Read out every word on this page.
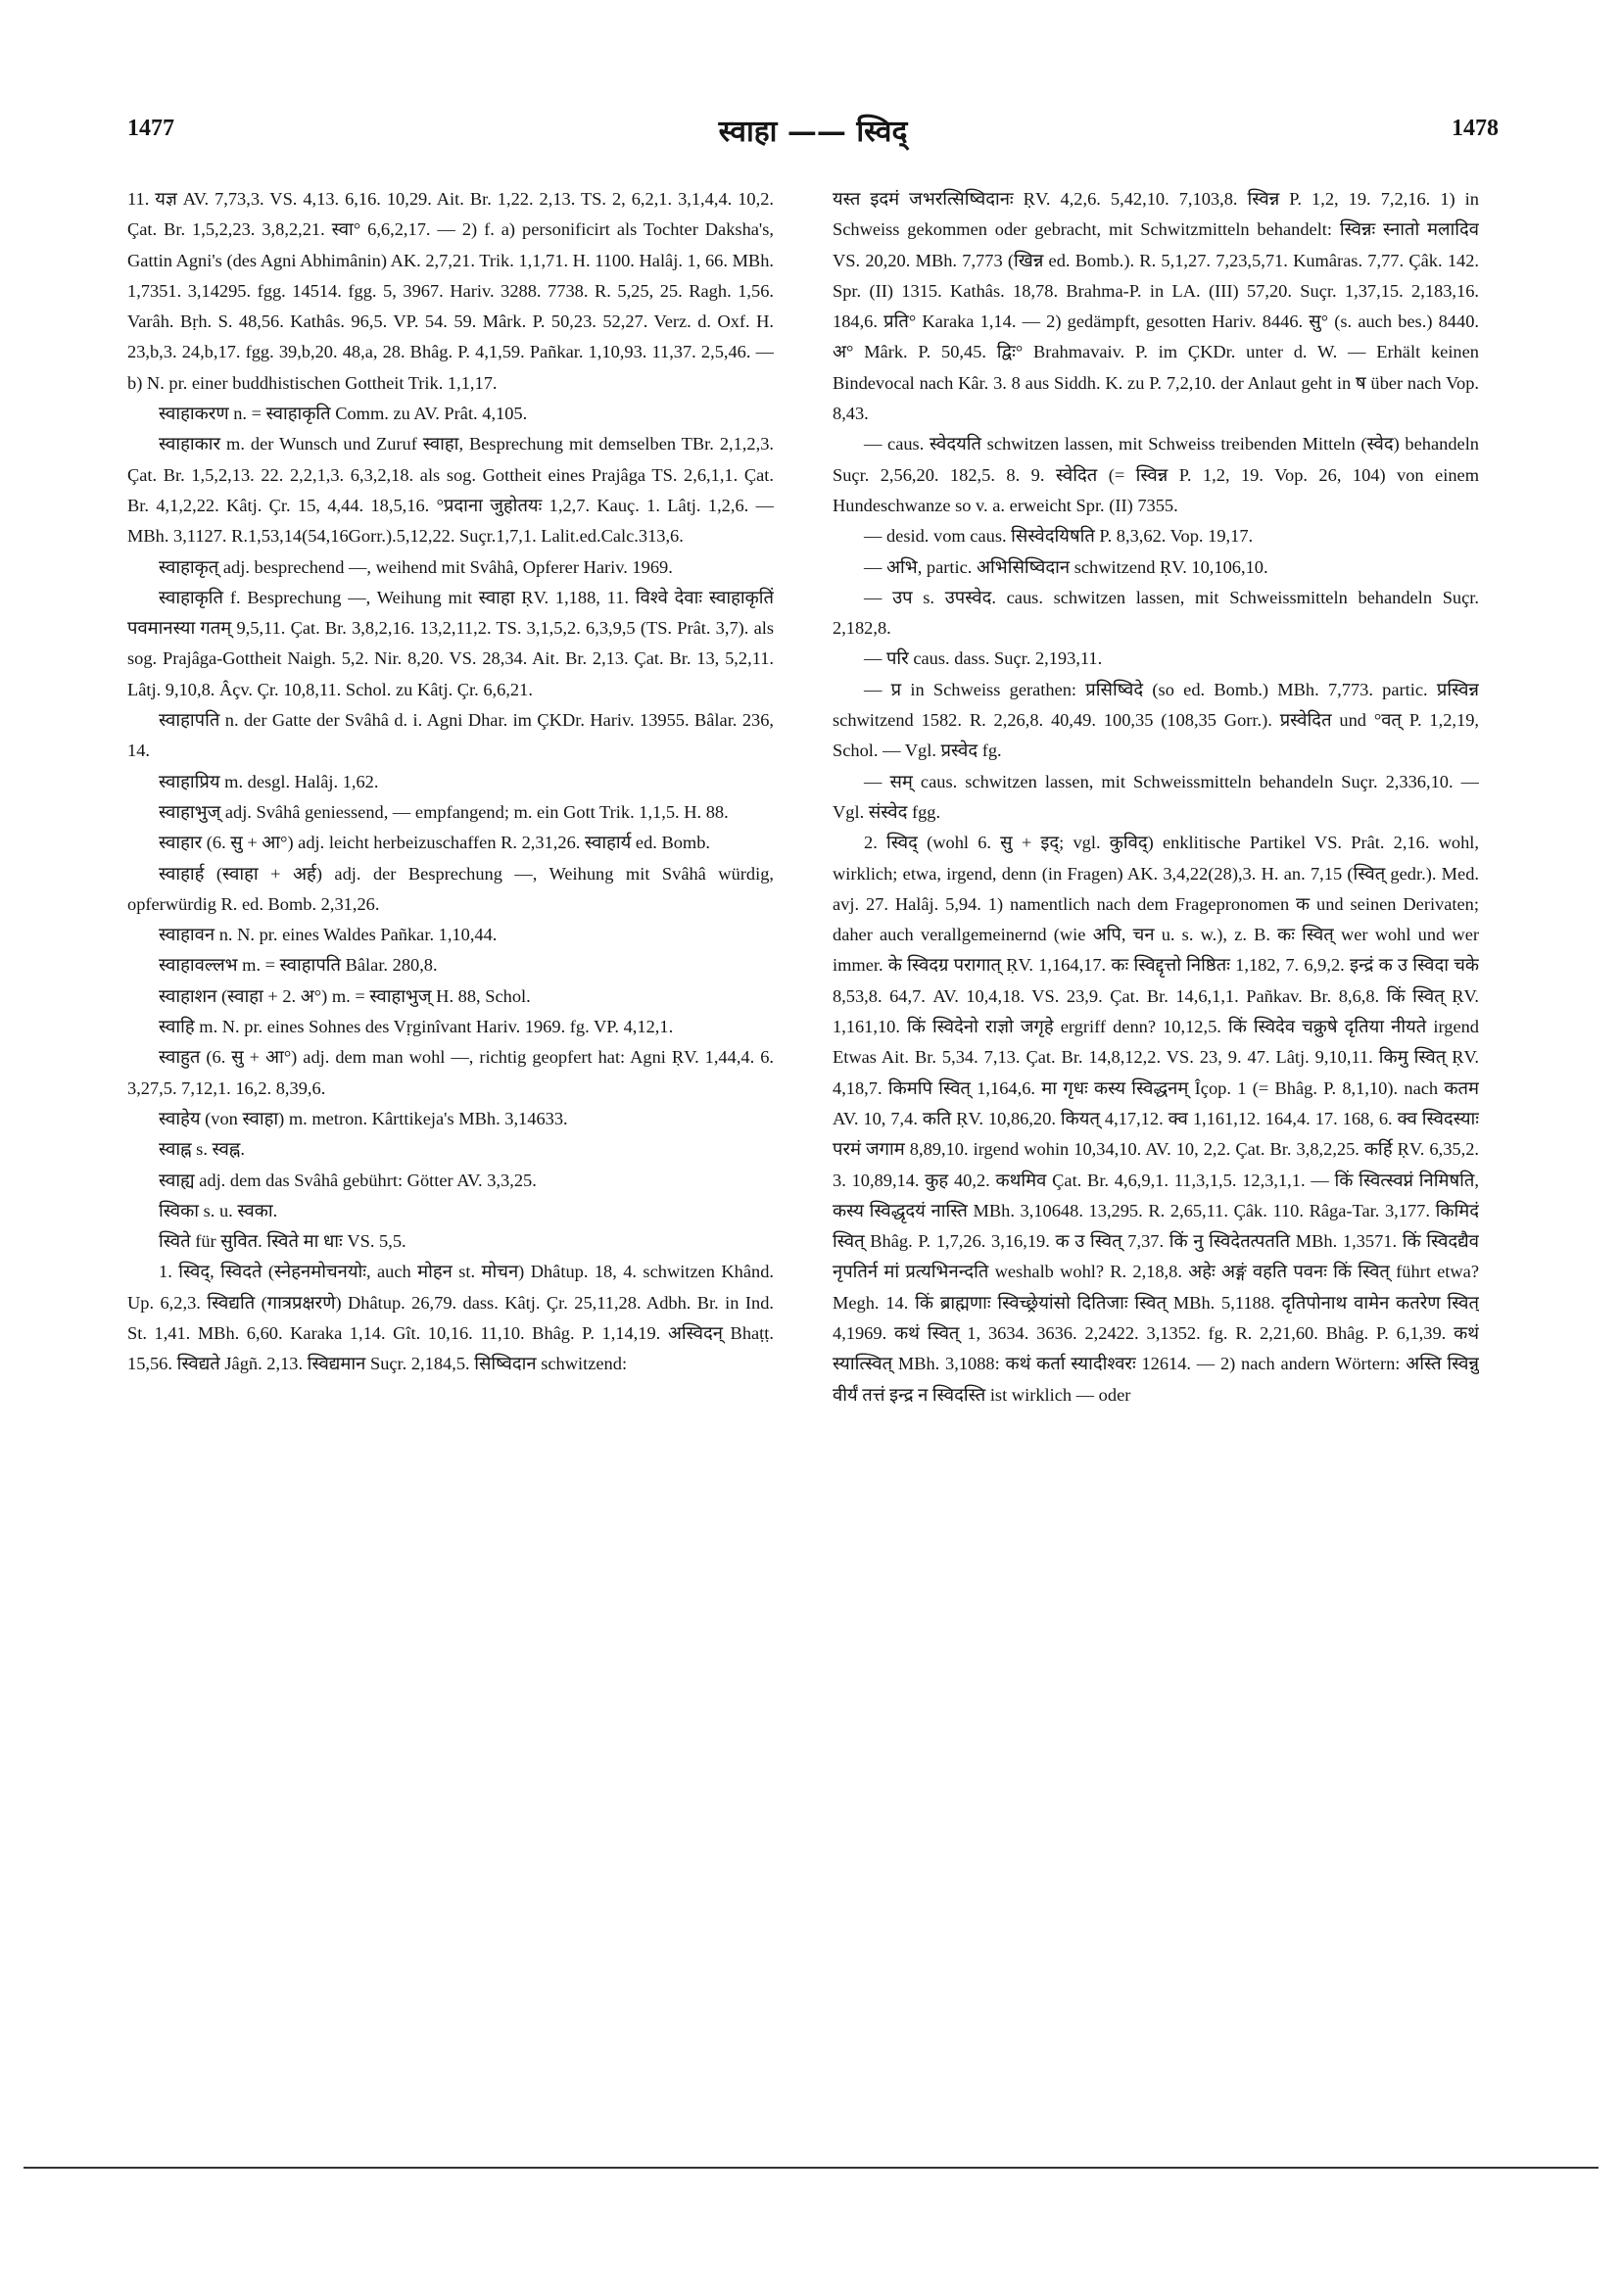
1477	स्वाहा —— स्विद्	1478

11. यज्ञ AV. 7,73,3. VS. 4,13. 6,16. 10,29. Ait. Br. 1,22. 2,13. TS. 2, 6,2,1. 3,1,4,4. 10,2. Çat. Br. 1,5,2,23. 3,8,2,21. स्वा° 6,6,2,17. — 2) f. a) personificirt als Tochter Daksha's, Gattin Agni's (des Agni Abhimânin) AK. 2,7,21. Trik. 1,1,71. H. 1100. Halâj. 1, 66. MBh. 1,7351. 3,14295. fgg. 14514. fgg. 5, 3967. Hariv. 3288. 7738. R. 5,25, 25. Ragh. 1,56. Varâh. Bṛh. S. 48,56. Kathâs. 96,5. VP. 54. 59. Mârk. P. 50,23. 52,27. Verz. d. Oxf. H. 23,b,3. 24,b,17. fgg. 39,b,20. 48,a, 28. Bhâg. P. 4,1,59. Pañkar. 1,10,93. 11,37. 2,5,46. — b) N. pr. einer buddhistischen Gottheit Trik. 1,1,17.

स्वाहाकरण n. = स्वाहाकृति Comm. zu AV. Prât. 4,105.

स्वाहाकार m. der Wunsch und Zuruf स्वाहा, Besprechung mit demselben TBr. 2,1,2,3. Çat. Br. 1,5,2,13. 22. 2,2,1,3. 6,3,2,18. als sog. Gottheit eines Prajâga TS. 2,6,1,1. Çat. Br. 4,1,2,22. Kâtj. Çr. 15, 4,44. 18,5,16. °प्रदाना जुहोतयः 1,2,7. Kauç. 1. Lâtj. 1,2,6. — MBh. 3,1127. R.1,53,14(54,16Gorr.).5,12,22. Suçr.1,7,1. Lalit.ed.Calc.313,6.

स्वाहाकृत् adj. besprechend —, weihend mit Svâhâ, Opferer Hariv. 1969.

स्वाहाकृति f. Besprechung —, Weihung mit स्वाहा ṚV. 1,188, 11. विश्वे देवाः स्वाहाकृतिं पवमानस्या गतम् 9,5,11. Çat. Br. 3,8,2,16. 13,2,11,2. TS. 3,1,5,2. 6,3,9,5 (TS. Prât. 3,7). als sog. Prajâga-Gottheit Naigh. 5,2. Nir. 8,20. VS. 28,34. Ait. Br. 2,13. Çat. Br. 13, 5,2,11. Lâtj. 9,10,8. Âçv. Çr. 10,8,11. Schol. zu Kâtj. Çr. 6,6,21.

स्वाहापति n. der Gatte der Svâhâ d. i. Agni Dhar. im ÇKDr. Hariv. 13955. Bâlar. 236, 14.

स्वाहाप्रिय m. desgl. Halâj. 1,62.

स्वाहाभुज् adj. Svâhâ geniessend, — empfangend; m. ein Gott Trik. 1,1,5. H. 88.

स्वाहार (6. सु + आ°) adj. leicht herbeizuschaffen R. 2,31,26. स्वाहार्य ed. Bomb.

स्वाहार्ह (स्वाहा + अर्ह) adj. der Besprechung —, Weihung mit Svâhâ würdig, opferwürdig R. ed. Bomb. 2,31,26.

स्वाहावन n. N. pr. eines Waldes Pañkar. 1,10,44.

स्वाहावल्लभ m. = स्वाहापति Bâlar. 280,8.

स्वाहाशन (स्वाहा + 2. अ°) m. = स्वाहाभुज् H. 88, Schol.

स्वाहि m. N. pr. eines Sohnes des Vṛginîvant Hariv. 1969. fg. VP. 4,12,1.

स्वाहुत (6. सु + आ°) adj. dem man wohl —, richtig geopfert hat: Agni ṚV. 1,44,4. 6. 3,27,5. 7,12,1. 16,2. 8,39,6.

स्वाहेय (von स्वाहा) m. metron. Kârttikeja's MBh. 3,14633.

स्वाह्न s. स्वह्न.

स्वाह्य adj. dem das Svâhâ gebührt: Götter AV. 3,3,25.

स्विका s. u. स्वका.

स्विते für सुवित. स्विते मा धाः VS. 5,5.

1. स्विद्, स्विदते (स्नेहनमोचनयोः, auch मोहन st. मोचन) Dhâtup. 18, 4. schwitzen Khând. Up. 6,2,3. स्विद्यति (गात्रप्रक्षरणे) Dhâtup. 26,79. dass. Kâtj. Çr. 25,11,28. Adbh. Br. in Ind. St. 1,41. MBh. 6,60. Karaka 1,14. Gît. 10,16. 11,10. Bhâg. P. 1,14,19. अस्विदन् Bhaṭṭ. 15,56. स्विद्यते Jâgñ. 2,13. स्विद्यमान Suçr. 2,184,5. सिष्विदान schwitzend:

यस्त इदमं जभरत्सिष्विदानः ṚV. 4,2,6. 5,42,10. 7,103,8. स्विन्न P. 1,2, 19. 7,2,16. 1) in Schweiss gekommen oder gebracht, mit Schwitzmitteln behandelt: स्विन्नः स्नातो मलादिव VS. 20,20. MBh. 7,773 (खिन्न ed. Bomb.). R. 5,1,27. 7,23,5,71. Kumâras. 7,77. Çâk. 142. Spr. (II) 1315. Kathâs. 18,78. Brahma-P. in LA. (III) 57,20. Suçr. 1,37,15. 2,183,16. 184,6. प्रति° Karaka 1,14. — 2) gedämpft, gesotten Hariv. 8446. सु° (s. auch bes.) 8440. अ° Mârk. P. 50,45. द्विः° Brahmavaiv. P. im ÇKDr. unter d. W. — Erhält keinen Bindevocal nach Kâr. 3. 8 aus Siddh. K. zu P. 7,2,10. der Anlaut geht in ष über nach Vop. 8,43.

— caus. स्वेदयति schwitzen lassen, mit Schweiss treibenden Mitteln (स्वेद) behandeln Suçr. 2,56,20. 182,5. 8. 9. स्वेदित (= स्विन्न P. 1,2, 19. Vop. 26, 104) von einem Hundeschwanze so v. a. erweicht Spr. (II) 7355.

— desid. vom caus. सिस्वेदयिषति P. 8,3,62. Vop. 19,17.

— अभि, partic. अभिसिष्विदान schwitzend ṚV. 10,106,10.

— उप s. उपस्वेद. caus. schwitzen lassen, mit Schweissmitteln behandeln Suçr. 2,182,8.

— परि caus. dass. Suçr. 2,193,11.

— प्र in Schweiss gerathen: प्रसिष्विदे (so ed. Bomb.) MBh. 7,773. partic. प्रस्विन्न schwitzend 1582. R. 2,26,8. 40,49. 100,35 (108,35 Gorr.). प्रस्वेदित und °वत् P. 1,2,19, Schol. — Vgl. प्रस्वेद fg.

— सम् caus. schwitzen lassen, mit Schweissmitteln behandeln Suçr. 2,336,10. — Vgl. संस्वेद fgg.

2. स्विद् (wohl 6. सु + इद्; vgl. कुविद्) enklitische Partikel VS. Prât. 2,16. wohl, wirklich; etwa, irgend, denn (in Fragen) AK. 3,4,22(28),3. H. an. 7,15 (स्वित् gedr.). Med. avj. 27. Halâj. 5,94. 1) namentlich nach dem Fragepronomen क und seinen Derivaten; daher auch verallgemeinernd (wie अपि, चन u. s. w.), z. B. कः स्वित् wer wohl und wer immer. के स्विदग्र परागात् ṚV. 1,164,17. कः स्विद्दृत्तो निष्ठितः 1,182, 7. 6,9,2. इन्द्रं क उ स्विदा चके 8,53,8. 64,7. AV. 10,4,18. VS. 23,9. Çat. Br. 14,6,1,1. Pañkav. Br. 8,6,8. किं स्वित् ṚV. 1,161,10. किं स्विदेनो राज्ञो जगृहे ergriff denn? 10,12,5. किं स्विदेव चक्रुषे दृतिया नीयते irgend Etwas Ait. Br. 5,34. 7,13. Çat. Br. 14,8,12,2. VS. 23, 9. 47. Lâtj. 9,10,11. किमु स्वित् ṚV. 4,18,7. किमपि स्वित् 1,164,6. मा गृधः कस्य स्विद्धनम् Îçop. 1 (= Bhâg. P. 8,1,10). nach कतम AV. 10, 7,4. कति ṚV. 10,86,20. कियत् 4,17,12. क्व 1,161,12. 164,4. 17. 168, 6. क्व स्विदस्याः परमं जगाम 8,89,10. irgend wohin 10,34,10. AV. 10, 2,2. Çat. Br. 3,8,2,25. कर्हि ṚV. 6,35,2. 3. 10,89,14. कुह 40,2. कथमिव Çat. Br. 4,6,9,1. 11,3,1,5. 12,3,1,1. — किं स्वित्स्वप्नं निमिषति, कस्य स्विद्धृदयं नास्ति MBh. 3,10648. 13,295. R. 2,65,11. Çâk. 110. Râga-Tar. 3,177. किमिदं स्वित् Bhâg. P. 1,7,26. 3,16,19. क उ स्वित् 7,37. किं नु स्विदेतत्पतति MBh. 1,3571. किं स्विदद्यैव नृपतिर्न मां प्रत्यभिनन्दति weshalb wohl? R. 2,18,8. अहेः अङ्गं वहति पवनः किं स्वित् führt etwa? Megh. 14. किं ब्राह्मणाः स्विच्छ्रेयांसो दितिजाः स्वित् MBh. 5,1188. दृतिपोनाथ वामेन कतरेण स्वित् 4,1969. कथं स्वित् 1, 3634. 3636. 2,2422. 3,1352. fg. R. 2,21,60. Bhâg. P. 6,1,39. कथं स्यात्स्वित् MBh. 3,1088: कथं कर्ता स्यादीश्वरः 12614. — 2) nach andern Wörtern: अस्ति स्विन्नु वीर्यं तत्तं इन्द्र न स्विदस्ति ist wirklich — oder
